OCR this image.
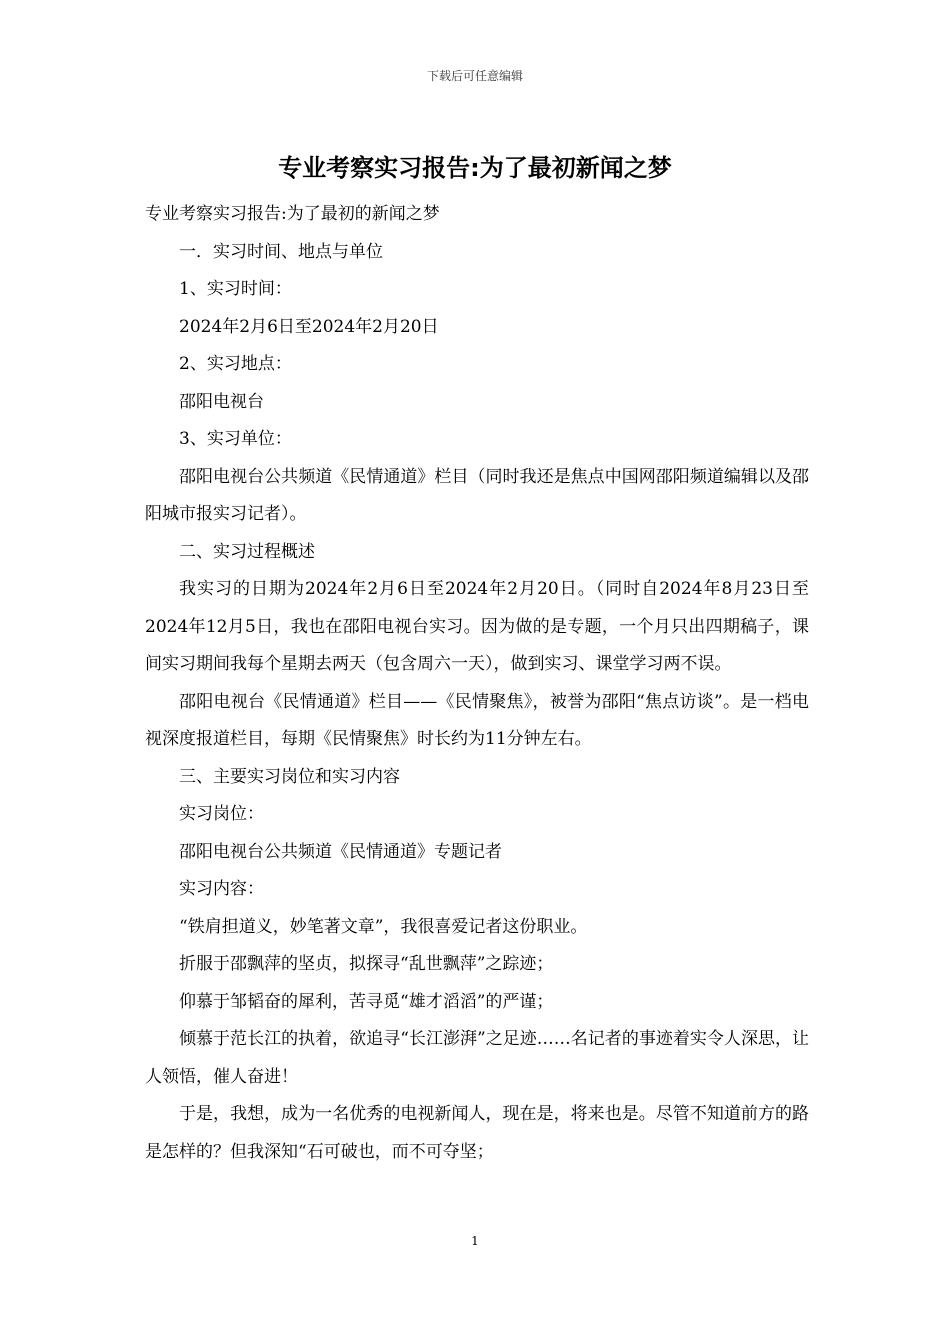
下载后可任意编辑
专业考察实习报告:为了最初新闻之梦

专业考察实习报告:为了最初的新闻之梦

一．实习时间、地点与单位

1、实习时间：

2024年2月6日至2024年2月20日

2、实习地点：

邵阳电视台

3、实习单位：

邵阳电视台公共频道《民情通道》栏目（同时我还是焦点中国网邵阳频道编辑以及邵阳城市报实习记者）。

二、实习过程概述

我实习的日期为2024年2月6日至2024年2月20日。（同时自2024年8月23日至2024年12月5日，我也在邵阳电视台实习。因为做的是专题，一个月只出四期稿子，课间实习期间我每个星期去两天（包含周六一天），做到实习、课堂学习两不误。

邵阳电视台《民情通道》栏目——《民情聚焦》，被誉为邵阳“焦点访谈”。是一档电视深度报道栏目，每期《民情聚焦》时长约为11分钟左右。

三、主要实习岗位和实习内容

实习岗位：

邵阳电视台公共频道《民情通道》专题记者

实习内容：

“铁肩担道义，妙笔著文章”，我很喜爱记者这份职业。

折服于邵飘萍的坚贞，拟探寻“乱世飘萍”之踪迹；

仰慕于邹韬奋的犀利，苦寻觅“雄才滔滔”的严谨；

倾慕于范长江的执着，欲追寻“长江澎湃”之足迹……名记者的事迹着实令人深思，让人领悟，催人奋进！

于是，我想，成为一名优秀的电视新闻人，现在是，将来也是。尽管不知道前方的路是怎样的？但我深知“石可破也，而不可夺坚；

1
